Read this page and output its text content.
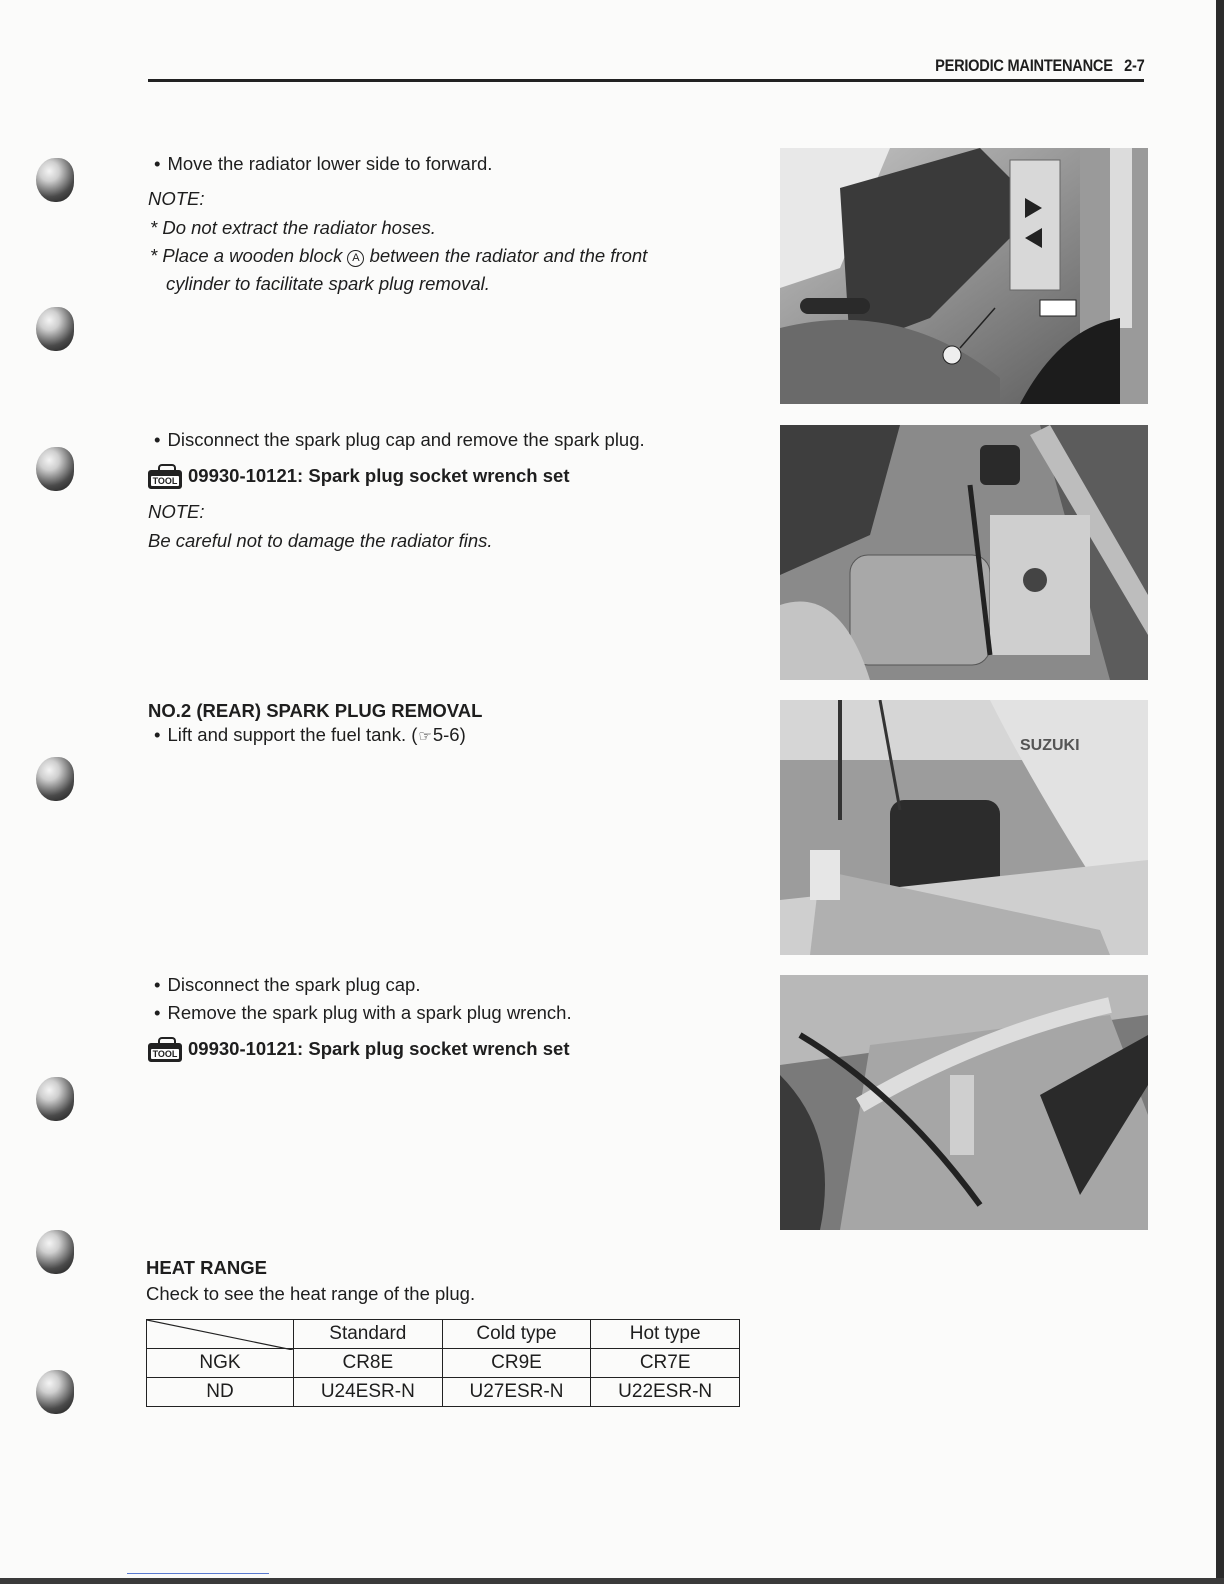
PERIODIC MAINTENANCE 2-7
• Move the radiator lower side to forward.
NOTE:
* Do not extract the radiator hoses.
* Place a wooden block A between the radiator and the front
cylinder to facilitate spark plug removal.
• Disconnect the spark plug cap and remove the spark plug.
TOOL 09930-10121: Spark plug socket wrench set
NOTE:
Be careful not to damage the radiator fins.
NO.2 (REAR) SPARK PLUG REMOVAL
• Lift and support the fuel tank. (☞5-6)
SUZUKI
• Disconnect the spark plug cap.
• Remove the spark plug with a spark plug wrench.
TOOL 09930-10121: Spark plug socket wrench set
HEAT RANGE
Check to see the heat range of the plug.
	Standard	Cold type	Hot type
NGK	CR8E	CR9E	CR7E
ND	U24ESR-N	U27ESR-N	U22ESR-N
